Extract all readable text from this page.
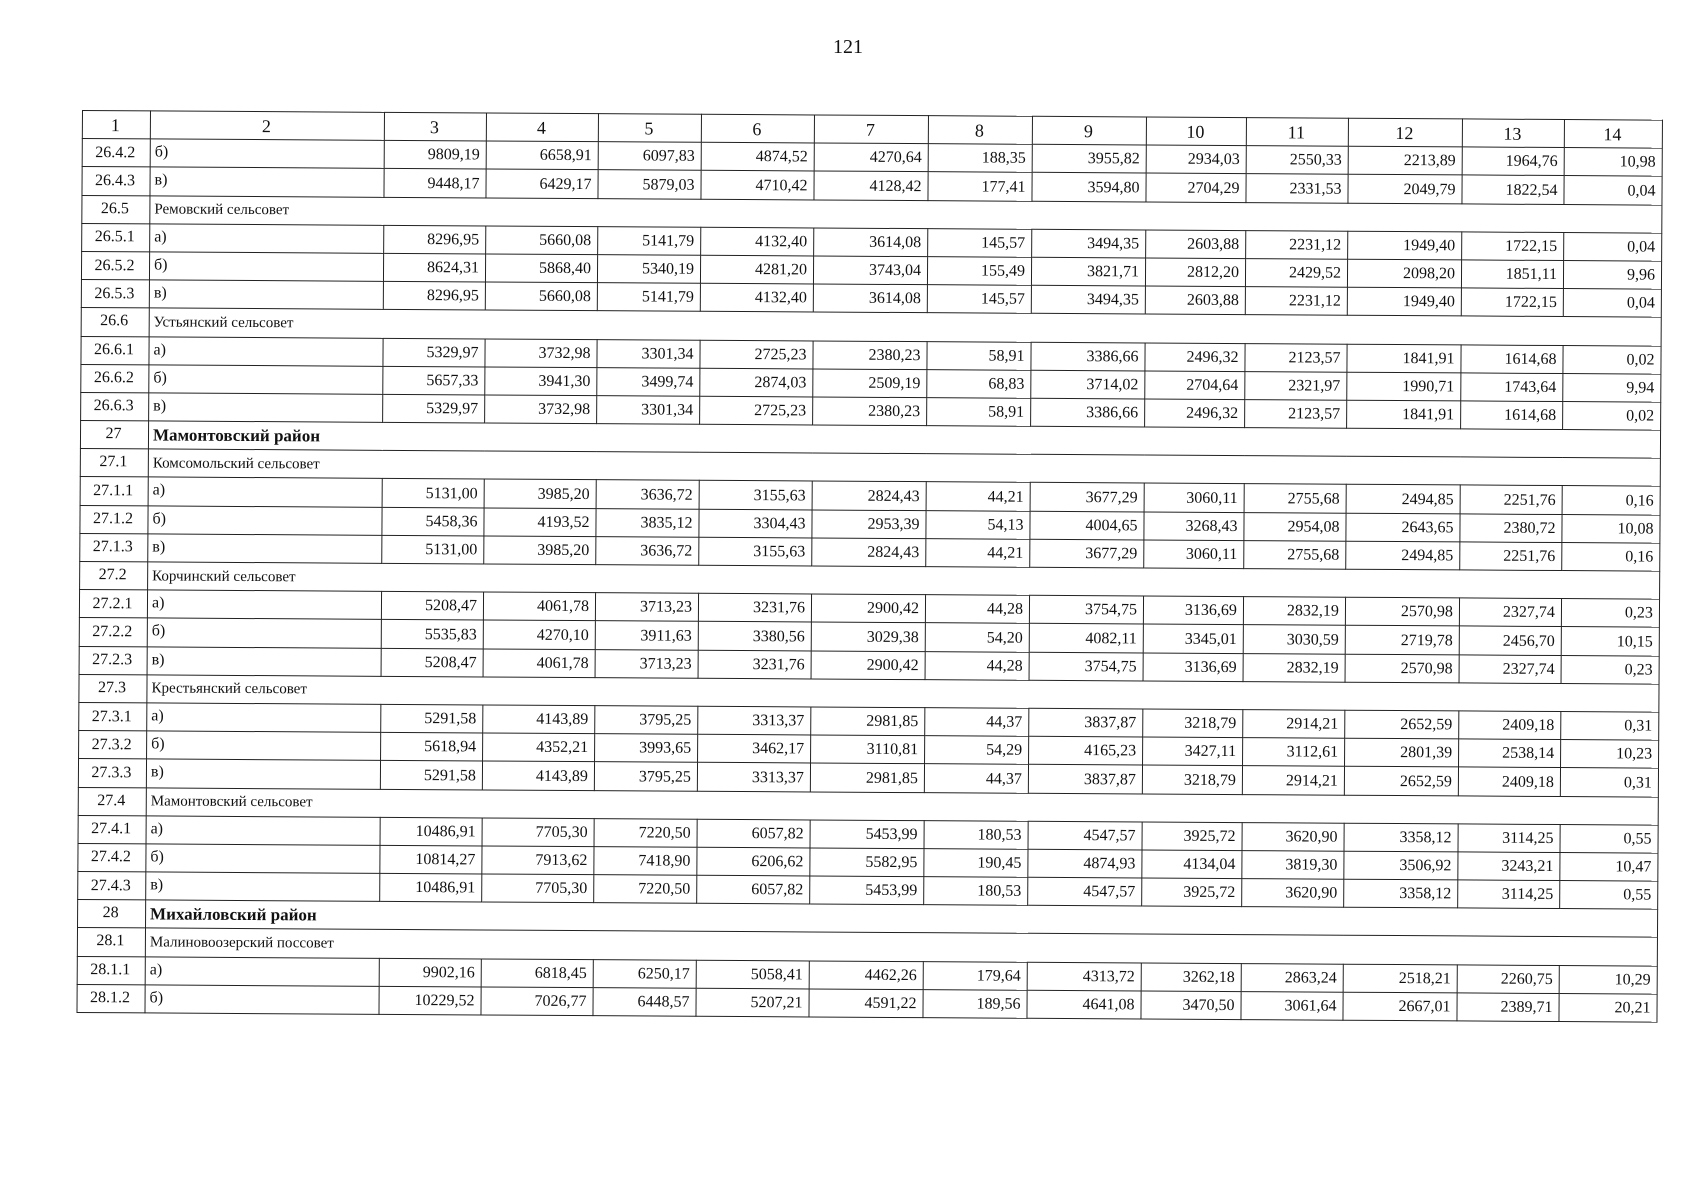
121
1	2	3	4	5	6	7	8	9	10	11	12	13	14
26.4.2	б)	9809,19	6658,91	6097,83	4874,52	4270,64	188,35	3955,82	2934,03	2550,33	2213,89	1964,76	10,98
26.4.3	в)	9448,17	6429,17	5879,03	4710,42	4128,42	177,41	3594,80	2704,29	2331,53	2049,79	1822,54	0,04
26.5	Ремовский сельсовет												
26.5.1	а)	8296,95	5660,08	5141,79	4132,40	3614,08	145,57	3494,35	2603,88	2231,12	1949,40	1722,15	0,04
26.5.2	б)	8624,31	5868,40	5340,19	4281,20	3743,04	155,49	3821,71	2812,20	2429,52	2098,20	1851,11	9,96
26.5.3	в)	8296,95	5660,08	5141,79	4132,40	3614,08	145,57	3494,35	2603,88	2231,12	1949,40	1722,15	0,04
26.6	Устьянский сельсовет												
26.6.1	а)	5329,97	3732,98	3301,34	2725,23	2380,23	58,91	3386,66	2496,32	2123,57	1841,91	1614,68	0,02
26.6.2	б)	5657,33	3941,30	3499,74	2874,03	2509,19	68,83	3714,02	2704,64	2321,97	1990,71	1743,64	9,94
26.6.3	в)	5329,97	3732,98	3301,34	2725,23	2380,23	58,91	3386,66	2496,32	2123,57	1841,91	1614,68	0,02
27	Мамонтовский район												
27.1	Комсомольский сельсовет												
27.1.1	а)	5131,00	3985,20	3636,72	3155,63	2824,43	44,21	3677,29	3060,11	2755,68	2494,85	2251,76	0,16
27.1.2	б)	5458,36	4193,52	3835,12	3304,43	2953,39	54,13	4004,65	3268,43	2954,08	2643,65	2380,72	10,08
27.1.3	в)	5131,00	3985,20	3636,72	3155,63	2824,43	44,21	3677,29	3060,11	2755,68	2494,85	2251,76	0,16
27.2	Корчинский сельсовет												
27.2.1	а)	5208,47	4061,78	3713,23	3231,76	2900,42	44,28	3754,75	3136,69	2832,19	2570,98	2327,74	0,23
27.2.2	б)	5535,83	4270,10	3911,63	3380,56	3029,38	54,20	4082,11	3345,01	3030,59	2719,78	2456,70	10,15
27.2.3	в)	5208,47	4061,78	3713,23	3231,76	2900,42	44,28	3754,75	3136,69	2832,19	2570,98	2327,74	0,23
27.3	Крестьянский сельсовет												
27.3.1	а)	5291,58	4143,89	3795,25	3313,37	2981,85	44,37	3837,87	3218,79	2914,21	2652,59	2409,18	0,31
27.3.2	б)	5618,94	4352,21	3993,65	3462,17	3110,81	54,29	4165,23	3427,11	3112,61	2801,39	2538,14	10,23
27.3.3	в)	5291,58	4143,89	3795,25	3313,37	2981,85	44,37	3837,87	3218,79	2914,21	2652,59	2409,18	0,31
27.4	Мамонтовский сельсовет												
27.4.1	а)	10486,91	7705,30	7220,50	6057,82	5453,99	180,53	4547,57	3925,72	3620,90	3358,12	3114,25	0,55
27.4.2	б)	10814,27	7913,62	7418,90	6206,62	5582,95	190,45	4874,93	4134,04	3819,30	3506,92	3243,21	10,47
27.4.3	в)	10486,91	7705,30	7220,50	6057,82	5453,99	180,53	4547,57	3925,72	3620,90	3358,12	3114,25	0,55
28	Михайловский район												
28.1	Малиновоозерский поссовет												
28.1.1	а)	9902,16	6818,45	6250,17	5058,41	4462,26	179,64	4313,72	3262,18	2863,24	2518,21	2260,75	10,29
28.1.2	б)	10229,52	7026,77	6448,57	5207,21	4591,22	189,56	4641,08	3470,50	3061,64	2667,01	2389,71	20,21
